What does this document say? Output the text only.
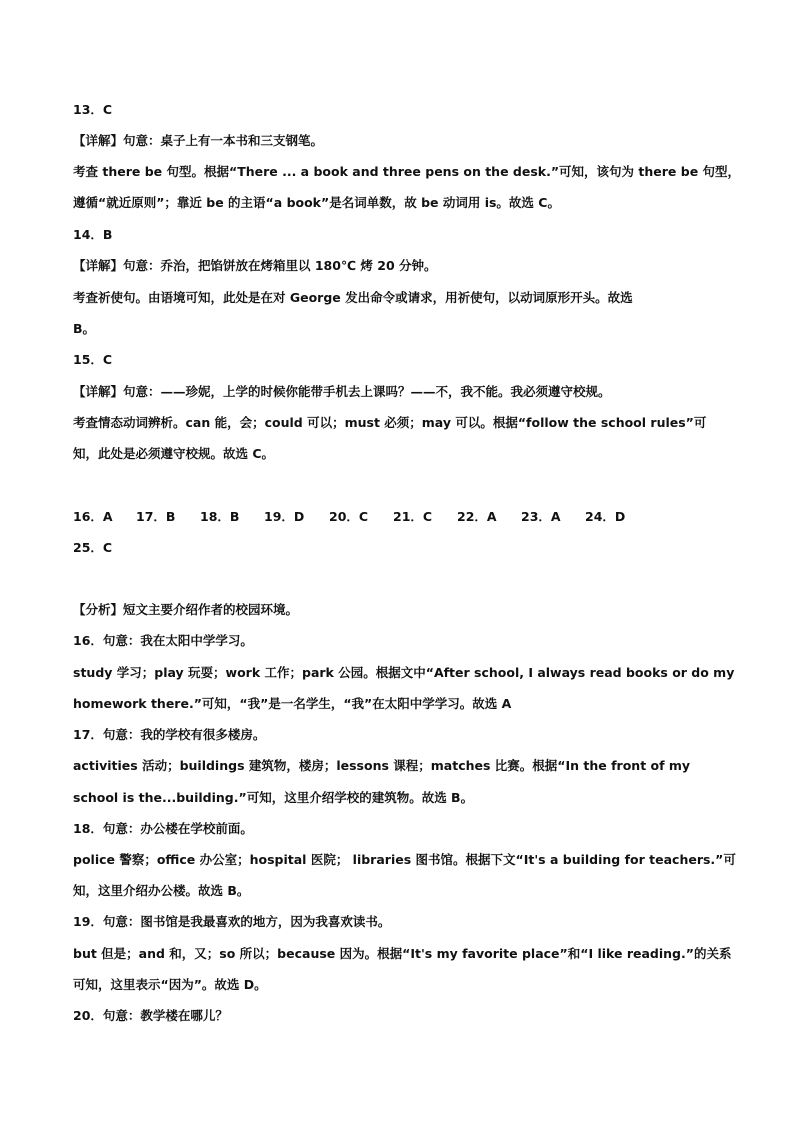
13．C
【详解】句意：桌子上有一本书和三支钢笔。
考查 there be 句型。根据“There ... a book and three pens on the desk.”可知，该句为 there be 句型，
遵循“就近原则”；靠近 be 的主语“a book”是名词单数，故 be 动词用 is。故选 C。
14．B
【详解】句意：乔治，把馅饼放在烤箱里以 180℃ 烤 20 分钟。
考查祈使句。由语境可知，此处是在对 George 发出命令或请求，用祈使句，以动词原形开头。故选
B。
15．C
【详解】句意：——珍妮，上学的时候你能带手机去上课吗？——不，我不能。我必须遵守校规。
考查情态动词辨析。can 能，会；could 可以；must 必须；may 可以。根据“follow the school rules”可
知，此处是必须遵守校规。故选 C。
16．A 17．B 18．B 19．D 20．C 21．C 22．A 23．A 24．D
25．C
【分析】短文主要介绍作者的校园环境。
16．句意：我在太阳中学学习。
study 学习；play 玩耍；work 工作；park 公园。根据文中“After school, I always read books or do my
homework there.”可知，“我”是一名学生，“我”在太阳中学学习。故选 A
17．句意：我的学校有很多楼房。
activities 活动；buildings 建筑物，楼房；lessons 课程；matches 比赛。根据“In the front of my
school is the...building.”可知，这里介绍学校的建筑物。故选 B。
18．句意：办公楼在学校前面。
police 警察；office 办公室；hospital 医院； libraries 图书馆。根据下文“It's a building for teachers.”可
知，这里介绍办公楼。故选 B。
19．句意：图书馆是我最喜欢的地方，因为我喜欢读书。
but 但是；and 和，又；so 所以；because 因为。根据“It's my favorite place”和“I like reading.”的关系
可知，这里表示“因为”。故选 D。
20．句意：教学楼在哪儿？
